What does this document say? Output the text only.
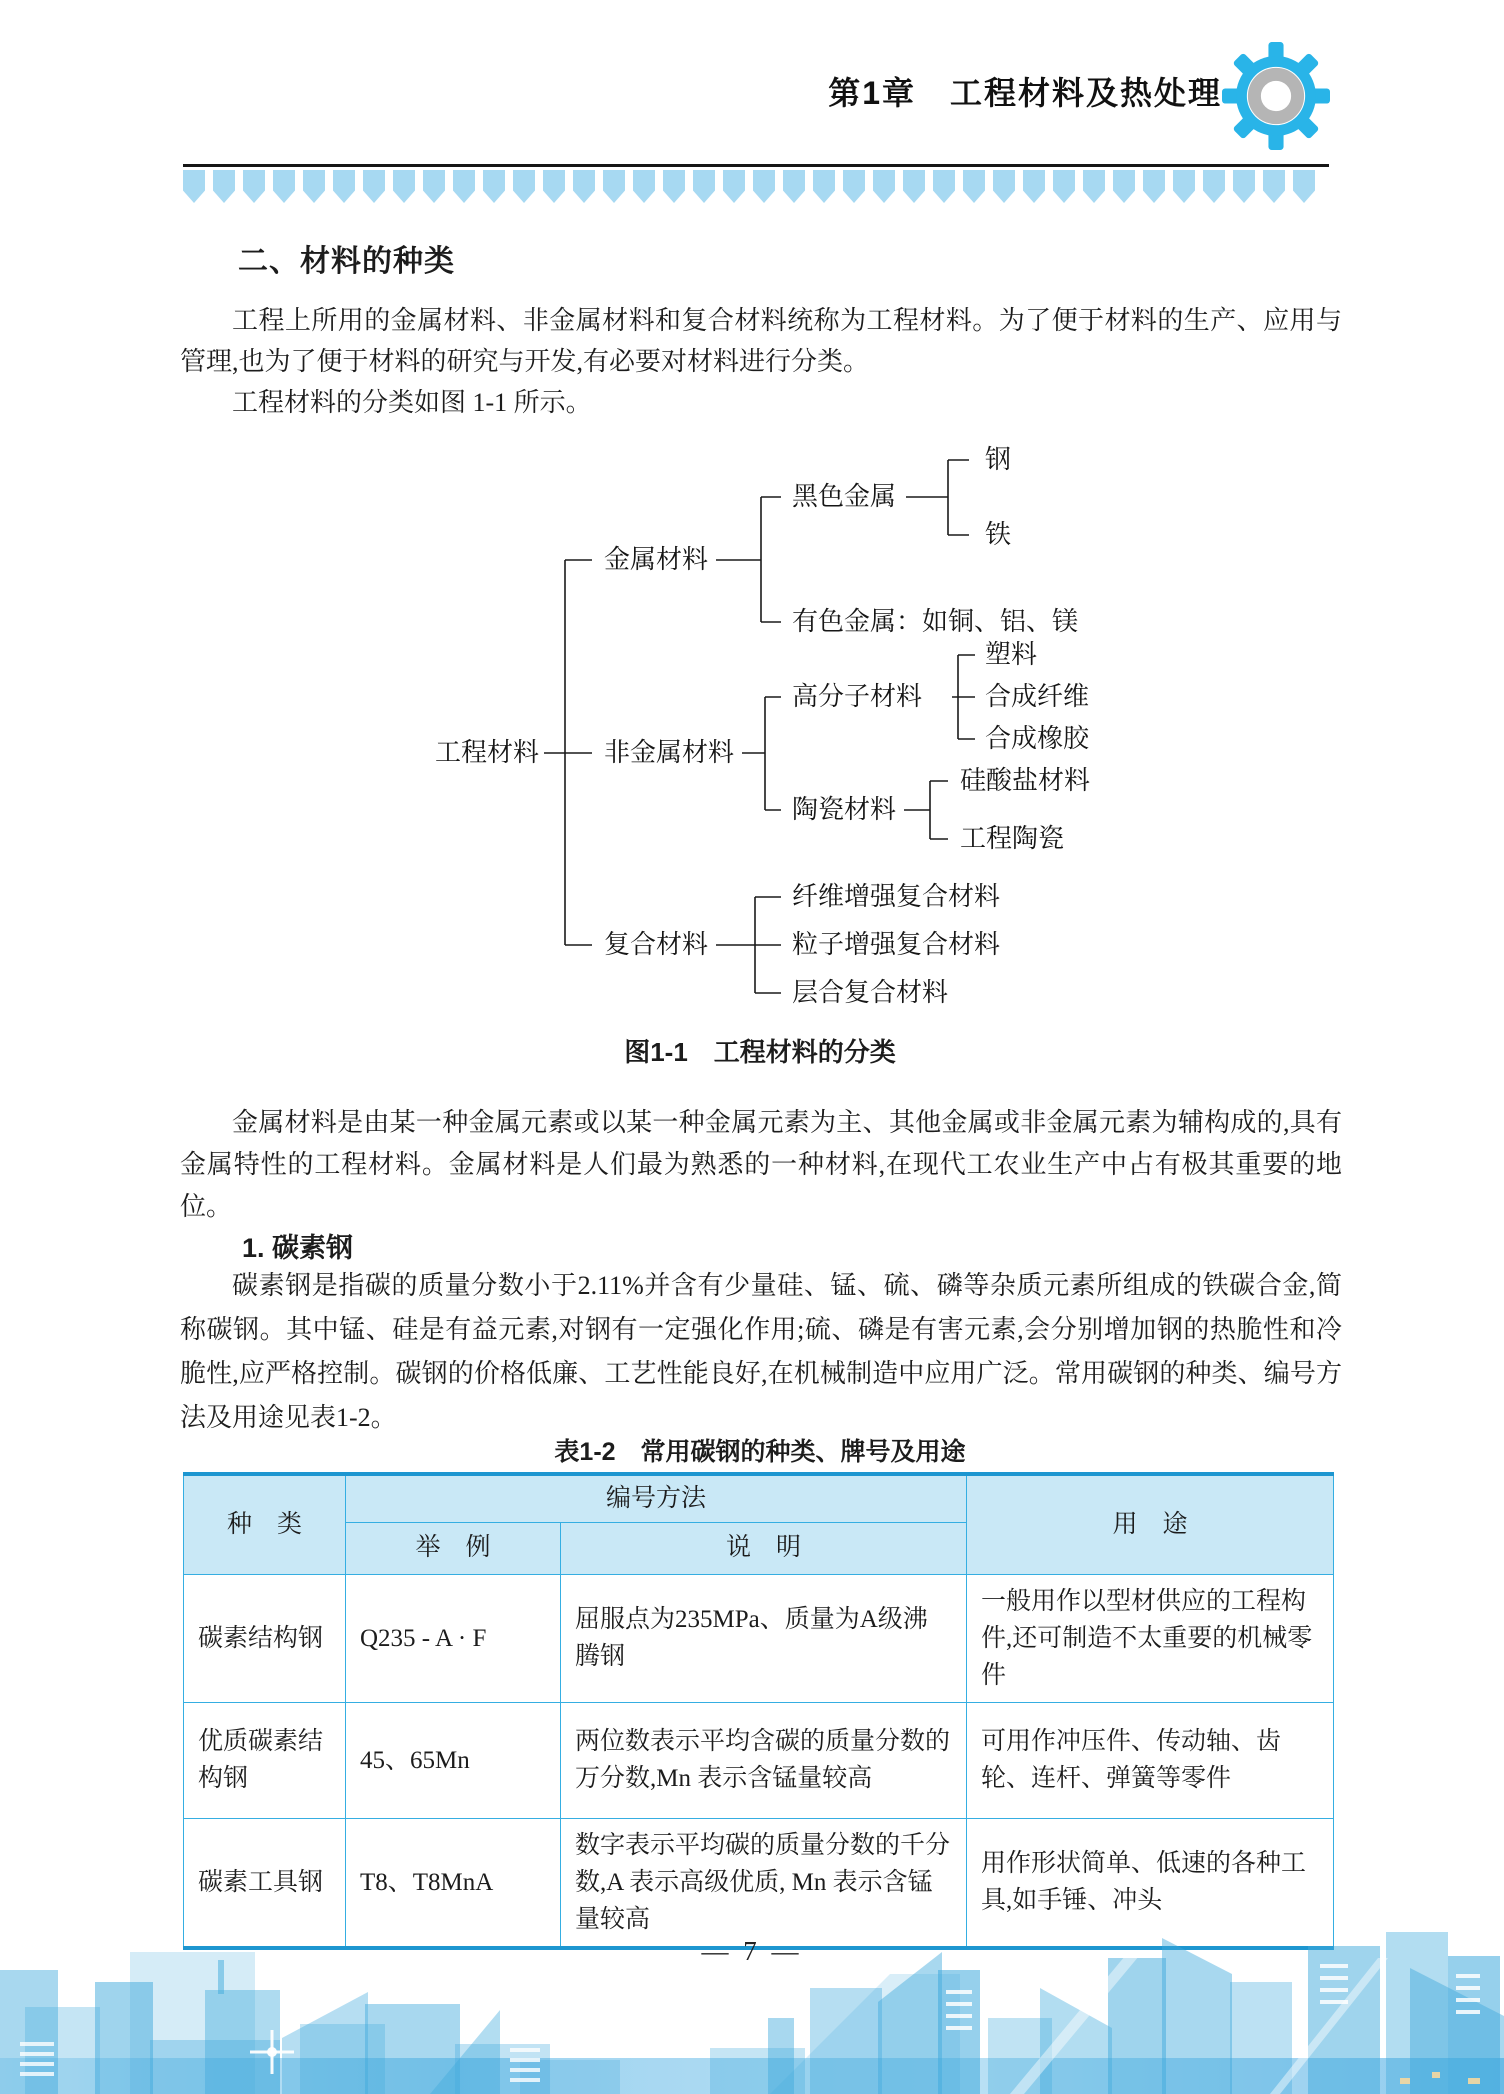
第1章　工程材料及热处理
二、材料的种类
工程上所用的金属材料、非金属材料和复合材料统称为工程材料。为了便于材料的生产、应用与管理,也为了便于材料的研究与开发,有必要对材料进行分类。
工程材料的分类如图 1-1 所示。
工程材料
金属材料
非金属材料
复合材料
黑色金属
有色金属：如铜、铝、镁
高分子材料
陶瓷材料
钢
铁
塑料
合成纤维
合成橡胶
硅酸盐材料
工程陶瓷
纤维增强复合材料
粒子增强复合材料
层合复合材料
图1-1　工程材料的分类
金属材料是由某一种金属元素或以某一种金属元素为主、其他金属或非金属元素为辅构成的,具有金属特性的工程材料。金属材料是人们最为熟悉的一种材料,在现代工农业生产中占有极其重要的地位。
1. 碳素钢
碳素钢是指碳的质量分数小于2.11%并含有少量硅、锰、硫、磷等杂质元素所组成的铁碳合金,简称碳钢。其中锰、硅是有益元素,对钢有一定强化作用;硫、磷是有害元素,会分别增加钢的热脆性和冷脆性,应严格控制。碳钢的价格低廉、工艺性能良好,在机械制造中应用广泛。常用碳钢的种类、编号方法及用途见表1-2。
表1-2　常用碳钢的种类、牌号及用途
种　类	编号方法		用　途
	举　例	说　明	
碳素结构钢	Q235 - A · F	屈服点为235MPa、质量为A级沸腾钢	一般用作以型材供应的工程构件,还可制造不太重要的机械零件
优质碳素结构钢	45、65Mn	两位数表示平均含碳的质量分数的万分数,Mn 表示含锰量较高	可用作冲压件、传动轴、齿轮、连杆、弹簧等零件
碳素工具钢	T8、T8MnA	数字表示平均碳的质量分数的千分数,A 表示高级优质, Mn 表示含锰量较高	用作形状简单、低速的各种工具,如手锤、冲头
— 7 —
